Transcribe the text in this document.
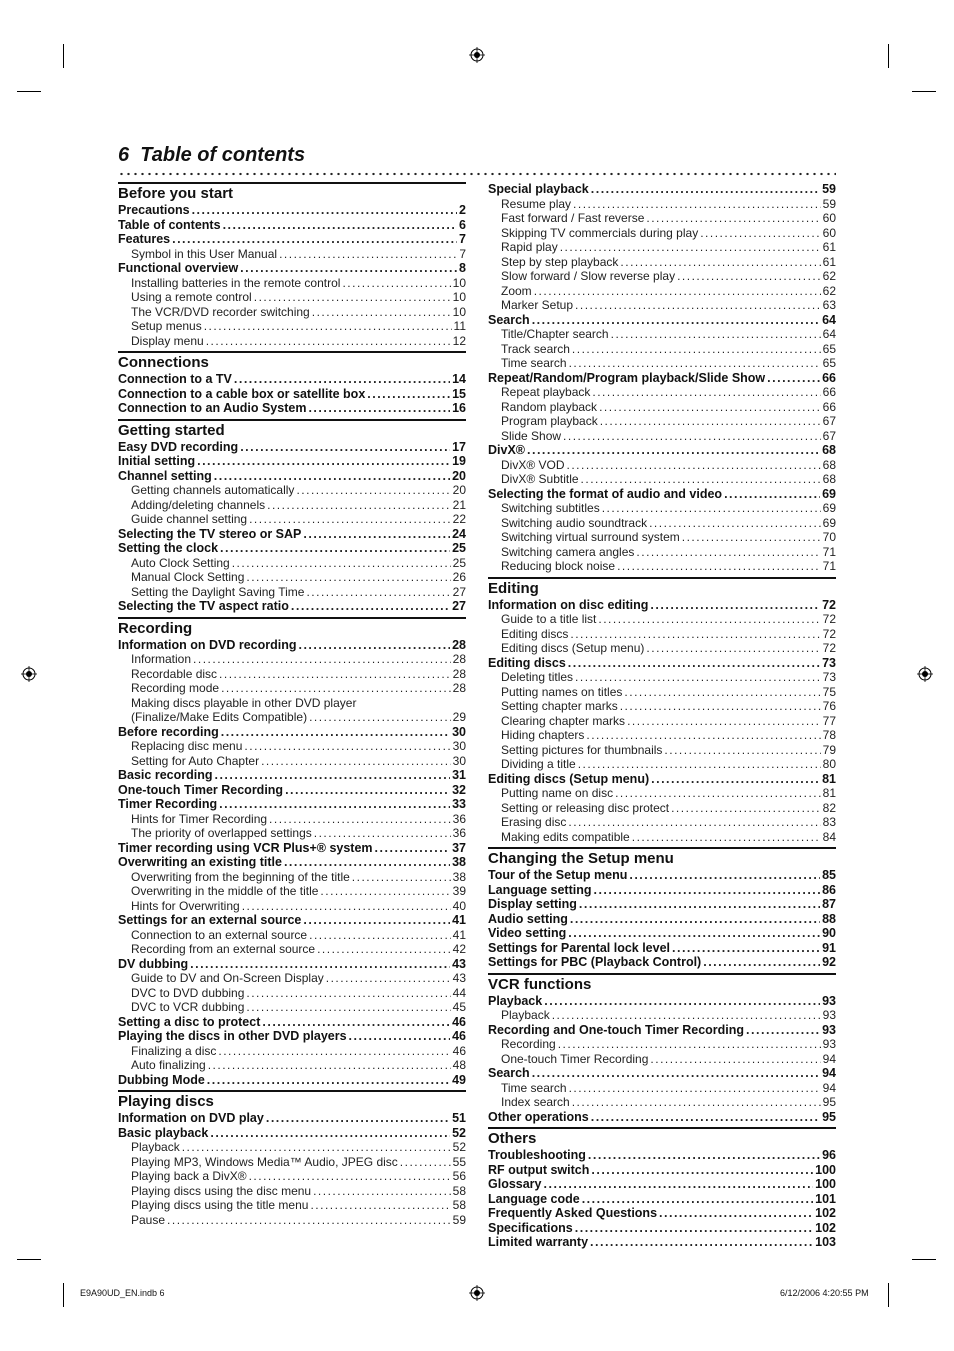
6 Table of contents
Before you start
Precautions .....	2
Table of contents .....	6
Features .....	7
Symbol in this User Manual .....	7
Functional overview .....	8
Installing batteries in the remote control .....	10
Using a remote control .....	10
The VCR/DVD recorder switching .....	10
Setup menus .....	11
Display menu .....	12
Connections
Connection to a TV .....	14
Connection to a cable box or satellite box .....	15
Connection to an Audio System .....	16
Getting started
Easy DVD recording .....	17
Initial setting .....	19
Channel setting .....	20
Getting channels automatically .....	20
Adding/deleting channels .....	21
Guide channel setting .....	22
Selecting the TV stereo or SAP .....	24
Setting the clock .....	25
Auto Clock Setting .....	25
Manual Clock Setting .....	26
Setting the Daylight Saving Time .....	27
Selecting the TV aspect ratio .....	27
Recording
Information on DVD recording .....	28
Information .....	28
Recordable disc .....	28
Recording mode .....	28
Making discs playable in other DVD player
(Finalize/Make Edits Compatible) .....	29
Before recording .....	30
Replacing disc menu .....	30
Setting for Auto Chapter .....	30
Basic recording .....	31
One-touch Timer Recording .....	32
Timer Recording .....	33
Hints for Timer Recording .....	36
The priority of overlapped settings .....	36
Timer recording using VCR Plus+® system .....	37
Overwriting an existing title .....	38
Overwriting from the beginning of the title .....	38
Overwriting in the middle of the title .....	39
Hints for Overwriting .....	40
Settings for an external source .....	41
Connection to an external source .....	41
Recording from an external source .....	42
DV dubbing .....	43
Guide to DV and On-Screen Display .....	43
DVC to DVD dubbing .....	44
DVC to VCR dubbing .....	45
Setting a disc to protect .....	46
Playing the discs in other DVD players .....	46
Finalizing a disc .....	46
Auto finalizing .....	48
Dubbing Mode .....	49
Playing discs
Information on DVD play .....	51
Basic playback .....	52
Playback .....	52
Playing MP3, Windows Media™ Audio, JPEG disc .....	55
Playing back a DivX® .....	56
Playing discs using the disc menu .....	58
Playing discs using the title menu .....	58
Pause .....	59
Special playback .....	59
Resume play .....	59
Fast forward / Fast reverse .....	60
Skipping TV commercials during play .....	60
Rapid play .....	61
Step by step playback .....	61
Slow forward / Slow reverse play .....	62
Zoom .....	62
Marker Setup .....	63
Search .....	64
Title/Chapter search .....	64
Track search .....	65
Time search .....	65
Repeat/Random/Program playback/Slide Show .....	66
Repeat playback .....	66
Random playback .....	66
Program playback .....	67
Slide Show .....	67
DivX® .....	68
DivX® VOD .....	68
DivX® Subtitle .....	68
Selecting the format of audio and video .....	69
Switching subtitles .....	69
Switching audio soundtrack .....	69
Switching virtual surround system .....	70
Switching camera angles .....	71
Reducing block noise .....	71
Editing
Information on disc editing .....	72
Guide to a title list .....	72
Editing discs .....	72
Editing discs (Setup menu) .....	72
Editing discs .....	73
Deleting titles .....	73
Putting names on titles .....	75
Setting chapter marks .....	76
Clearing chapter marks .....	77
Hiding chapters .....	78
Setting pictures for thumbnails .....	79
Dividing a title .....	80
Editing discs (Setup menu) .....	81
Putting name on disc .....	81
Setting or releasing disc protect .....	82
Erasing disc .....	83
Making edits compatible .....	84
Changing the Setup menu
Tour of the Setup menu .....	85
Language setting .....	86
Display setting .....	87
Audio setting .....	88
Video setting .....	90
Settings for Parental lock level .....	91
Settings for PBC (Playback Control) .....	92
VCR functions
Playback .....	93
Playback .....	93
Recording and One-touch Timer Recording .....	93
Recording .....	93
One-touch Timer Recording .....	94
Search .....	94
Time search .....	94
Index search .....	95
Other operations .....	95
Others
Troubleshooting .....	96
RF output switch .....	100
Glossary .....	100
Language code .....	101
Frequently Asked Questions .....	102
Specifications .....	102
Limited warranty .....	103
E9A90UD_EN.indb 6	6/12/2006 4:20:55 PM
